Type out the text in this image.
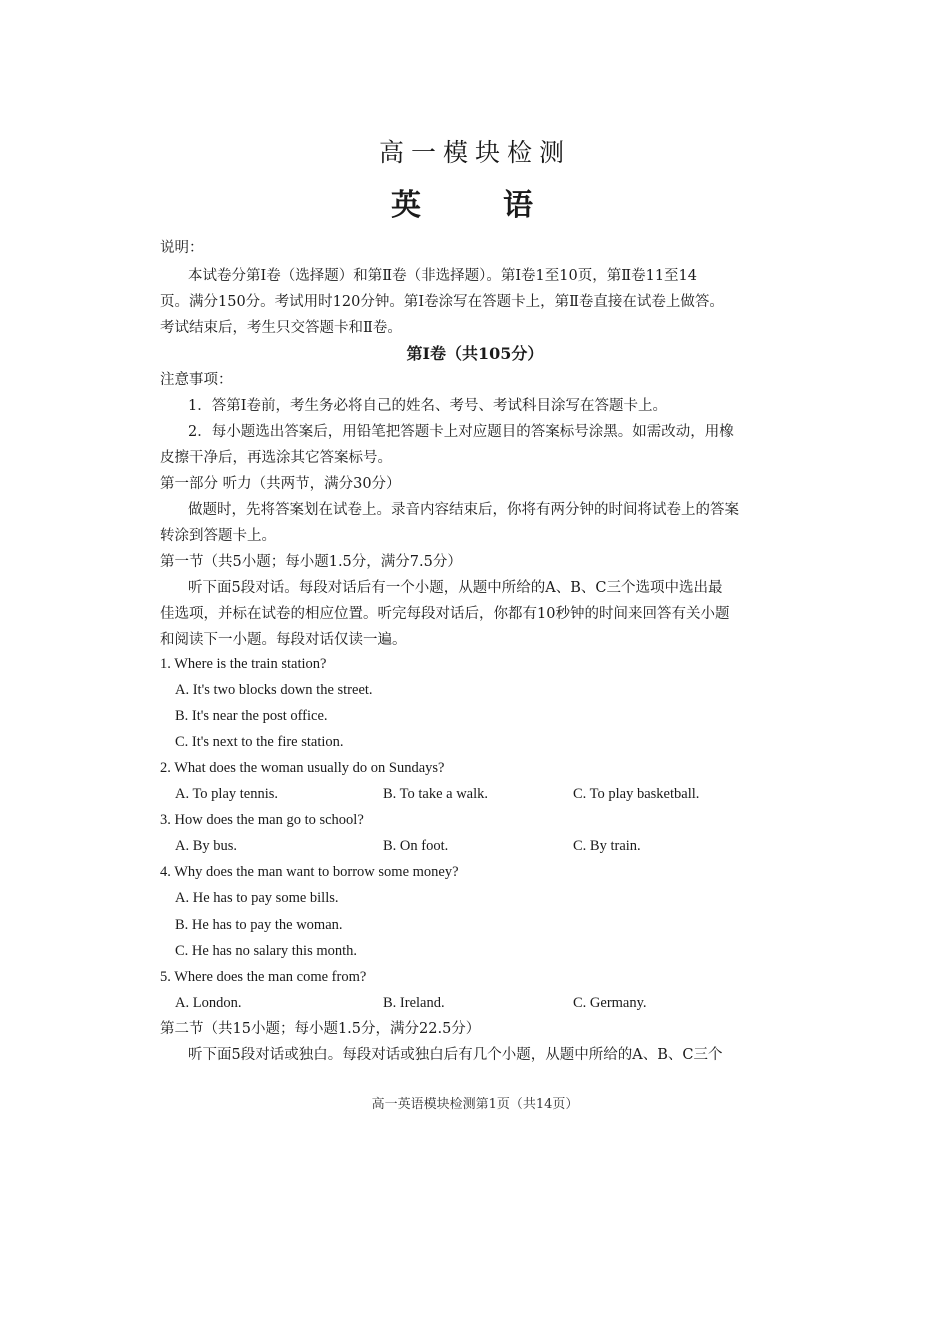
高一模块检测
英　语
说明：
本试卷分第Ⅰ卷（选择题）和第Ⅱ卷（非选择题）。第Ⅰ卷1至10页，第Ⅱ卷11至14
页。满分150分。考试用时120分钟。第Ⅰ卷涂写在答题卡上，第Ⅱ卷直接在试卷上做答。
考试结束后，考生只交答题卡和Ⅱ卷。
第Ⅰ卷（共105分）
注意事项：
1．答第Ⅰ卷前，考生务必将自己的姓名、考号、考试科目涂写在答题卡上。
2．每小题选出答案后，用铅笔把答题卡上对应题目的答案标号涂黑。如需改动，用橡
皮擦干净后，再选涂其它答案标号。
第一部分 听力（共两节，满分30分）
做题时，先将答案划在试卷上。录音内容结束后，你将有两分钟的时间将试卷上的答案
转涂到答题卡上。
第一节（共5小题；每小题1.5分，满分7.5分）
听下面5段对话。每段对话后有一个小题，从题中所给的A、B、C三个选项中选出最
佳选项，并标在试卷的相应位置。听完每段对话后，你都有10秒钟的时间来回答有关小题
和阅读下一小题。每段对话仅读一遍。
1. Where is the train station?
A. It's two blocks down the street.
B. It's near the post office.
C. It's next to the fire station.
2. What does the woman usually do on Sundays?
A. To play tennis.	B. To take a walk.	C. To play basketball.
3. How does the man go to school?
A. By bus.	B. On foot.	C. By train.
4. Why does the man want to borrow some money?
A. He has to pay some bills.
B. He has to pay the woman.
C. He has no salary this month.
5. Where does the man come from?
A. London.	B. Ireland.	C. Germany.
第二节（共15小题；每小题1.5分，满分22.5分）
听下面5段对话或独白。每段对话或独白后有几个小题，从题中所给的A、B、C三个
高一英语模块检测第1页（共14页）
